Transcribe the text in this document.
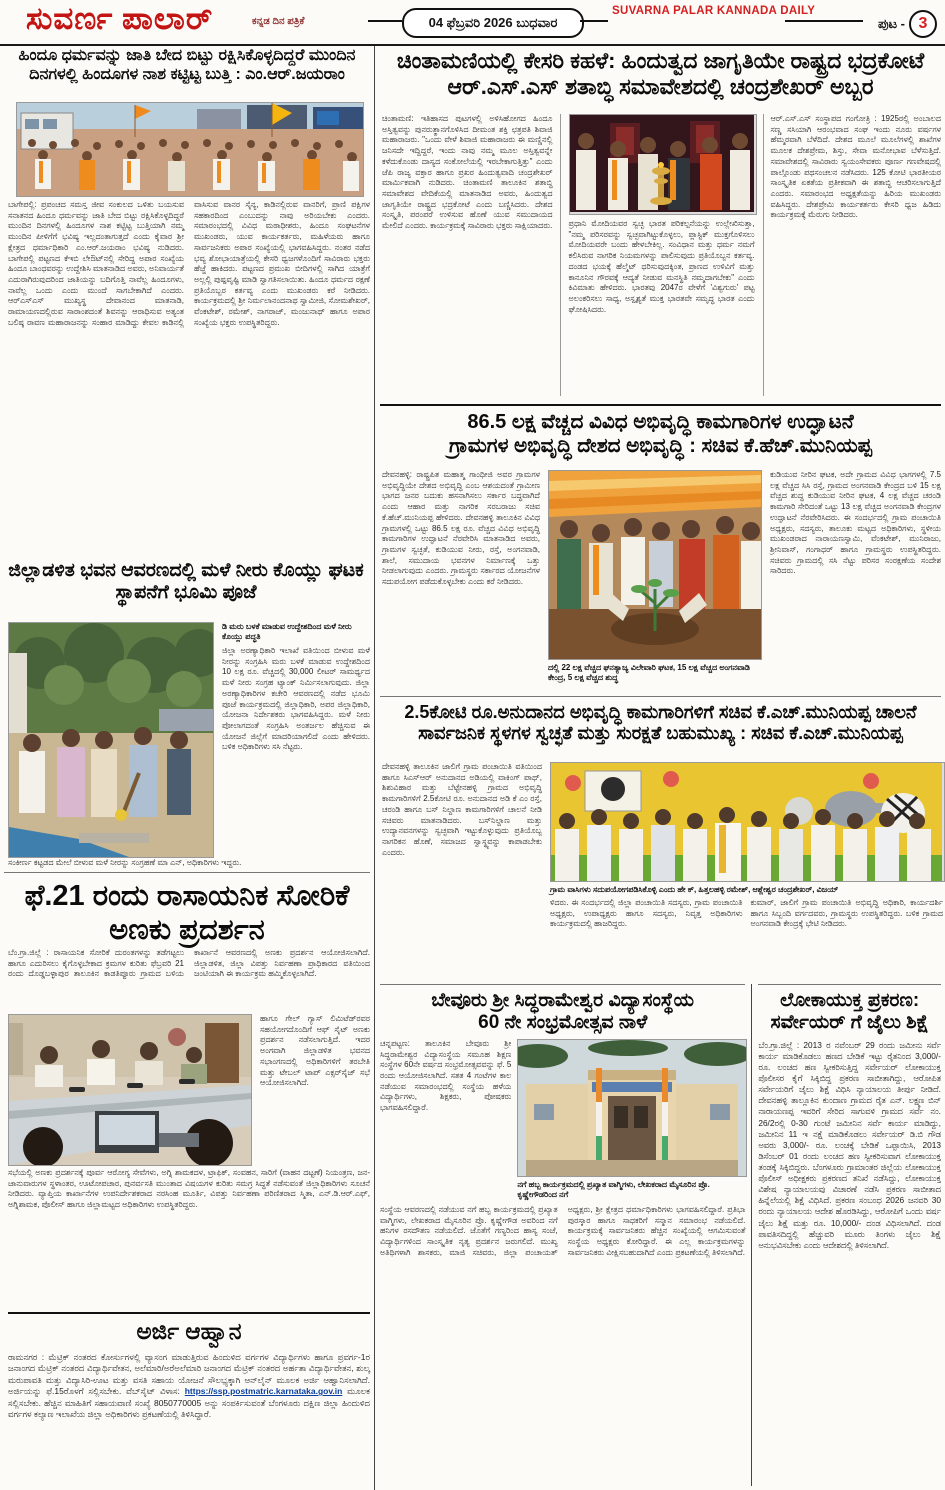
ಸುವರ್ಣ ಪಾಲಾರ್	ಕನ್ನಡ ದಿನ ಪತ್ರಿಕೆ	04 ಫೆಬ್ರವರಿ 2026 ಬುಧವಾರ
SUVARNA PALAR KANNADA DAILY
ಪುಟ - 3
ಹಿಂದೂ ಧರ್ಮವನ್ನು ಜಾತಿ ಬೇದ ಬಿಟ್ಟು ರಕ್ಷಿಸಿಕೊಳ್ಳದಿದ್ದರೆ ಮುಂದಿನ ದಿನಗಳಲ್ಲಿ ಹಿಂದೂಗಳ ನಾಶ ಕಟ್ಟಿಟ್ಟ ಬುತ್ತಿ : ಎಂ.ಆರ್.ಜಯರಾಂ
ಬಾಗೇಪಲ್ಲಿ: ಪ್ರಪಂಚದ ಸಮಸ್ತ ಜೀವ ಸಂಕುಲದ ಒಳಿತು ಬಯಸುವ ಸನಾತನದ ಹಿಂದೂ ಧರ್ಮವನ್ನು ಜಾತಿ ಬೇದ ಬಿಟ್ಟು ರಕ್ಷಿಸಿಕೊಳ್ಳದಿದ್ದರೆ ಮುಂದಿನ ದಿನಗಳಲ್ಲಿ ಹಿಂದೂಗಳ ನಾಶ ಕಟ್ಟಿಟ್ಟ ಬುತ್ತಿಯಾಗಿ ನಮ್ಮ ಮುಂದಿನ ಪೀಳಿಗೆಗೆ ಭವಿಷ್ಯ ಇಲ್ಲದಂತಾಗುತ್ತದೆ ಎಂದು ಕೈವಾರ ಶ್ರೀ ಕ್ಷೇತ್ರದ ಧರ್ಮಾಧಿಕಾರಿ ಎಂ.ಆರ್.ಜಯರಾಂ ಭವಿಷ್ಯ ನುಡಿದರು. ಬಾಗೇಪಲ್ಲಿ ಪಟ್ಟಣದ ಕೆಇಬಿ ಲೇಔಟ್‌ನಲ್ಲಿ ಸೇರಿದ್ದ ಅಪಾರ ಸಂಖ್ಯೆಯ ಹಿಂದೂ ಬಾಂಧವರನ್ನು ಉದ್ದೇಶಿಸಿ ಮಾತನಾಡಿದ ಅವರು, ಅನಿವಾರ್ಯತೆ ಎದುರಾಗಿರುವುದರಿಂದ ಜಾತಿಯನ್ನು ಬದಿಗೊತ್ತಿ ನಾವೆಲ್ಲ ಹಿಂದೂಗಳು, ನಾವೆಲ್ಲ ಒಂದು ಎಂದು ಮುಂದೆ ಸಾಗಬೇಕಾಗಿದೆ ಎಂದರು. ಆರ್‌ಎಸ್‌ಎಸ್ ಮುಖ್ಯಸ್ಥ ದೇವಾನಂದ ಮಾತನಾಡಿ, ರಾಮಾಯಣದಲ್ಲಿರುವ ಸಾರಾಂಶದಂತೆ ಶಿವನನ್ನು ಆರಾಧಿಸುವ ಅತ್ಯಂತ ಬಲಿಷ್ಠ ರಾವಣ ಮಹಾರಾಜನನ್ನು ಸಂಹಾರ ಮಾಡಿದ್ದು ಕೇವಲ ಕಾಡಿನಲ್ಲಿ ವಾಸಿಸುವ ವಾನರ ಸೈನ್ಯ, ಕಾಡಿನಲ್ಲಿರುವ ವಾನರಿಗೆ, ಪ್ರಾಣಿ ಪಕ್ಷಿಗಳ ಸಹಕಾರದಿಂದ ಎಂಬುದನ್ನು ನಾವು ಅರಿಯಬೇಕು ಎಂದರು. ಸಮಾರಂಭದಲ್ಲಿ ವಿವಿಧ ಮಠಾಧೀಶರು, ಹಿಂದೂ ಸಂಘಟನೆಗಳ ಮುಖಂಡರು, ಯುವ ಕಾರ್ಯಕರ್ತರು, ಮಹಿಳೆಯರು ಹಾಗೂ ಸಾರ್ವಜನಿಕರು ಅಪಾರ ಸಂಖ್ಯೆಯಲ್ಲಿ ಭಾಗವಹಿಸಿದ್ದರು. ನಂತರ ನಡೆದ ಭವ್ಯ ಶೋಭಾಯಾತ್ರೆಯಲ್ಲಿ ಕೇಸರಿ ಧ್ವಜಗಳೊಂದಿಗೆ ಸಾವಿರಾರು ಭಕ್ತರು ಹೆಜ್ಜೆ ಹಾಕಿದರು. ಪಟ್ಟಣದ ಪ್ರಮುಖ ಬೀದಿಗಳಲ್ಲಿ ಸಾಗಿದ ಯಾತ್ರೆಗೆ ಅಲ್ಲಲ್ಲಿ ಪುಷ್ಪವೃಷ್ಟಿ ಮಾಡಿ ಸ್ವಾಗತಿಸಲಾಯಿತು. ಹಿಂದೂ ಧರ್ಮದ ರಕ್ಷಣೆ ಪ್ರತಿಯೊಬ್ಬರ ಕರ್ತವ್ಯ ಎಂದು ಮುಖಂಡರು ಕರೆ ನೀಡಿದರು. ಕಾರ್ಯಕ್ರಮದಲ್ಲಿ ಶ್ರೀ ನಿರ್ಮಲಾನಂದನಾಥ ಸ್ವಾಮೀಜಿ, ಸೋಮಶೇಖರ್, ವೆಂಕಟೇಶ್, ರಮೇಶ್, ನಾಗರಾಜ್, ಮಂಜುನಾಥ್ ಹಾಗೂ ಅಪಾರ ಸಂಖ್ಯೆಯ ಭಕ್ತರು ಉಪಸ್ಥಿತರಿದ್ದರು.
ಜಿಲ್ಲಾಡಳಿತ ಭವನ ಆವರಣದಲ್ಲಿ ಮಳೆ ನೀರು ಕೊಯ್ಲು ಘಟಕ ಸ್ಥಾಪನೆಗೆ ಭೂಮಿ ಪೂಜೆ
ಡಿ ಮರು ಬಳಕೆ ಮಾಡುವ ಉದ್ದೇಶದಿಂದ ಮಳೆ ನೀರು ಕೊಯ್ಲು ಪದ್ಧತಿ
ಜಿಲ್ಲಾ ಅರಣ್ಯಾಧಿಕಾರಿ ಇಲಾಖೆ ವತಿಯಿಂದ ಬೀಳುವ ಮಳೆ ನೀರನ್ನು ಸಂಗ್ರಹಿಸಿ ಮರು ಬಳಕೆ ಮಾಡುವ ಉದ್ದೇಶದಿಂದ 10 ಲಕ್ಷ ರೂ. ವೆಚ್ಚದಲ್ಲಿ 30,000 ಲೀಟರ್ ಸಾಮರ್ಥ್ಯದ ಮಳೆ ನೀರು ಸಂಗ್ರಹ ಟ್ಯಾಂಕ್ ನಿರ್ಮಿಸಲಾಗುವುದು. ಜಿಲ್ಲಾ ಅರಣ್ಯಾಧಿಕಾರಿಗಳ ಕಚೇರಿ ಆವರಣದಲ್ಲಿ ನಡೆದ ಭೂಮಿ ಪೂಜೆ ಕಾರ್ಯಕ್ರಮದಲ್ಲಿ ಜಿಲ್ಲಾಧಿಕಾರಿ, ಅಪರ ಜಿಲ್ಲಾಧಿಕಾರಿ, ಯೋಜನಾ ನಿರ್ದೇಶಕರು ಭಾಗವಹಿಸಿದ್ದರು. ಮಳೆ ನೀರು ಪೋಲಾಗದಂತೆ ಸಂಗ್ರಹಿಸಿ ಅಂತರ್ಜಲ ಹೆಚ್ಚಿಸುವ ಈ ಯೋಜನೆ ಜಿಲ್ಲೆಗೆ ಮಾದರಿಯಾಗಲಿದೆ ಎಂದು ಹೇಳಿದರು. ಬಳಿಕ ಅಧಿಕಾರಿಗಳು ಸಸಿ ನೆಟ್ಟರು.
ಸಂಕೀರ್ಣ ಕಟ್ಟಡದ ಮೇಲೆ ಬೀಳುವ ಮಳೆ ನೀರನ್ನು ಸಂಗ್ರಹಣೆ ಮಾ ಎನ್, ಅಧಿಕಾರಿಗಳು ಇದ್ದರು.
ಫೆ.21 ರಂದು ರಾಸಾಯನಿಕ ಸೋರಿಕೆ ಅಣಕು ಪ್ರದರ್ಶನ
ಬೆಂ.ಗ್ರಾ.ಜಿಲ್ಲೆ : ರಾಸಾಯನಿಕ ಸೋರಿಕೆ ದುರಂತಗಳನ್ನು ತಡೆಗಟ್ಟಲು ಹಾಗೂ ಎದುರಿಸಲು ಕೈಗೊಳ್ಳಬೇಕಾದ ಕ್ರಮಗಳ ಕುರಿತು ಫೆಬ್ರವರಿ 21 ರಂದು ದೊಡ್ಡಬಳ್ಳಾಪುರ ತಾಲೂಕಿನ ಕಾಡತಿಪ್ಪೂರು ಗ್ರಾಮದ ಬಳಿಯ ಕಾರ್ಖಾನೆ ಆವರಣದಲ್ಲಿ ಅಣಕು ಪ್ರದರ್ಶನ ಆಯೋಜಿಸಲಾಗಿದೆ. ಜಿಲ್ಲಾಡಳಿತ, ಜಿಲ್ಲಾ ವಿಪತ್ತು ನಿರ್ವಹಣಾ ಪ್ರಾಧಿಕಾರದ ವತಿಯಿಂದ ಜಂಟಿಯಾಗಿ ಈ ಕಾರ್ಯಕ್ರಮ ಹಮ್ಮಿಕೊಳ್ಳಲಾಗಿದೆ.
ಹಾಗೂ ಗೇಲ್ ಗ್ಯಾಸ್ ಲಿಮಿಟೆಡ್‌ರವರ ಸಹಯೋಗದೊಂದಿಗೆ ಆಫ್ ಸೈಟ್ ಅಣಕು ಪ್ರದರ್ಶನ ನಡೆಸಲಾಗುತ್ತಿದೆ. ಇದರ ಅಂಗವಾಗಿ ಜಿಲ್ಲಾಡಳಿತ ಭವನದ ಸಭಾಂಗಣದಲ್ಲಿ ಅಧಿಕಾರಿಗಳಿಗೆ ತರಬೇತಿ ಮತ್ತು ಟೇಬಲ್ ಟಾಪ್ ಎಕ್ಸರ್‌ಸೈಜ್ ಸಭೆ ಆಯೋಜಿಸಲಾಗಿದೆ.
ಸಭೆಯಲ್ಲಿ ಅಣಕು ಪ್ರದರ್ಶನಕ್ಕೆ ಪೂರ್ವ ಆರೋಗ್ಯ ಸೇವೆಗಳು, ಅಗ್ನಿ ಶಾಮಕದಳ, ಟ್ರಾಫಿಕ್, ಸಂವಹನ, ಸಾರಿಗೆ (ವಾಹನ ದಟ್ಟಣೆ) ನಿಯಂತ್ರಣ, ಜನ-ಜಾನುವಾರುಗಳ ಸ್ಥಳಾಂತರ, ಊಟೋಪಚಾರ, ಪುನರ್ವಸತಿ ಮುಂತಾದ ವಿಷಯಗಳ ಕುರಿತು ಸಮಗ್ರ ಸಿದ್ಧತೆ ನಡೆಸುವಂತೆ ಜಿಲ್ಲಾಧಿಕಾರಿಗಳು ಸೂಚನೆ ನೀಡಿದರು. ವ್ಯಾಪ್ತಿಯ ಕಾರ್ಖಾನೆಗಳ ಉಪನಿರ್ದೇಶಕರಾದ ನರಸಿಂಹ ಮೂರ್ತಿ, ವಿಪತ್ತು ನಿರ್ವಹಣಾ ಪರಿಣಿತರಾದ ಸ್ಮಿತಾ, ಎನ್.ಡಿ.ಆರ್.ಎಫ್, ಅಗ್ನಿಶಾಮಕ, ಪೊಲೀಸ್ ಹಾಗೂ ಜಿಲ್ಲಾಮಟ್ಟದ ಅಧಿಕಾರಿಗಳು ಉಪಸ್ಥಿತರಿದ್ದರು.
ಅರ್ಜಿ ಆಹ್ವಾನ
ರಾಮನಗರ : ಮೆಟ್ರಿಕ್ ನಂತರದ ಕೋರ್ಸುಗಳಲ್ಲಿ ವ್ಯಾಸಂಗ ಮಾಡುತ್ತಿರುವ ಹಿಂದುಳಿದ ವರ್ಗಗಳ ವಿದ್ಯಾರ್ಥಿಗಳು ಹಾಗೂ ಪ್ರವರ್ಗ-1ರ ಜನಾಂಗದ ಮೆಟ್ರಿಕ್ ನಂತರದ ವಿದ್ಯಾರ್ಥಿವೇತನ, ಅಲೆಮಾರಿ/ಅರೆಅಲೆಮಾರಿ ಜನಾಂಗದ ಮೆಟ್ರಿಕ್ ನಂತರದ ಅರ್ಹತಾ ವಿದ್ಯಾರ್ಥಿವೇತನ, ಶುಲ್ಕ ಮರುಪಾವತಿ ಮತ್ತು ವಿದ್ಯಾಸಿರಿ-ಊಟ ಮತ್ತು ವಸತಿ ಸಹಾಯ ಯೋಜನೆ ಸೌಲಭ್ಯಕ್ಕಾಗಿ ಆನ್‌ಲೈನ್ ಮೂಲಕ ಅರ್ಜಿ ಆಹ್ವಾನಿಸಲಾಗಿದೆ. ಅರ್ಜಿಯನ್ನು ಫೆ.15ರೊಳಗೆ ಸಲ್ಲಿಸಬೇಕು. ವೆಬ್‌ಸೈಟ್ ವಿಳಾಸ: https://ssp.postmatric.karnataka.gov.in ಮೂಲಕ ಸಲ್ಲಿಸಬೇಕು. ಹೆಚ್ಚಿನ ಮಾಹಿತಿಗೆ ಸಹಾಯವಾಣಿ ಸಂಖ್ಯೆ 8050770005 ಅನ್ನು ಸಂಪರ್ಕಿಸುವಂತೆ ಬೆಂಗಳೂರು ದಕ್ಷಿಣ ಜಿಲ್ಲಾ ಹಿಂದುಳಿದ ವರ್ಗಗಳ ಕಲ್ಯಾಣ ಇಲಾಖೆಯ ಜಿಲ್ಲಾ ಅಧಿಕಾರಿಗಳು ಪ್ರಕಟಣೆಯಲ್ಲಿ ತಿಳಿಸಿದ್ದಾರೆ.
ಚಿಂತಾಮಣಿಯಲ್ಲಿ ಕೇಸರಿ ಕಹಳೆ: ಹಿಂದುತ್ವದ ಜಾಗೃತಿಯೇ ರಾಷ್ಟ್ರದ ಭದ್ರಕೋಟೆ ಆರ್.ಎಸ್.ಎಸ್ ಶತಾಬ್ಧಿ ಸಮಾವೇಶದಲ್ಲಿ ಚಂದ್ರಶೇಖರ್ ಅಬ್ಬರ
ಚಿಂತಾಮಣಿ: ಇತಿಹಾಸದ ಪುಟಗಳಲ್ಲಿ ಅಳಿಸಿಹೋಗದ ಹಿಂದೂ ಅಸ್ತಿತ್ವವನ್ನು ಪುನರುತ್ಥಾನಗೊಳಿಸಿದ ದೀಮಂತ ಶಕ್ತಿ ಛತ್ರಪತಿ ಶಿವಾಜಿ ಮಹಾರಾಜರು. "ಒಂದು ವೇಳೆ ಶಿವಾಜಿ ಮಹಾರಾಜರು ಈ ಮಣ್ಣಿನಲ್ಲಿ ಜನಿಸದೇ ಇದ್ದಿದ್ದರೆ, ಇಂದು ನಾವು ನಮ್ಮ ಮೂಲ ಅಸ್ತಿತ್ವವನ್ನೇ ಕಳೆದುಕೊಂಡು ದಾಸ್ಯದ ಸಂಕೋಲೆಯಲ್ಲಿ ಇರಬೇಕಾಗುತ್ತಿತ್ತು" ಎಂದು ಜೆಪಿ ರಾಜ್ಯ ವಕ್ತಾರ ಹಾಗೂ ಪ್ರಖರ ಹಿಂದುತ್ವವಾದಿ ಚಂದ್ರಶೇಖರ್ ಮಾರ್ಮಿಕವಾಗಿ ನುಡಿದರು. ಚಿಂತಾಮಣಿ ತಾಲೂಕಿನ ಶತಾಬ್ಧಿ ಸಮಾವೇಶದ ವೇದಿಕೆಯಲ್ಲಿ ಮಾತನಾಡಿದ ಅವರು, ಹಿಂದುತ್ವದ ಜಾಗೃತಿಯೇ ರಾಷ್ಟ್ರದ ಭದ್ರಕೋಟೆ ಎಂದು ಬಣ್ಣಿಸಿದರು. ದೇಶದ ಸಂಸ್ಕೃತಿ, ಪರಂಪರೆ ಉಳಿಸುವ ಹೊಣೆ ಯುವ ಸಮುದಾಯದ ಮೇಲಿದೆ ಎಂದರು. ಕಾರ್ಯಕ್ರಮಕ್ಕೆ ಸಾವಿರಾರು ಭಕ್ತರು ಸಾಕ್ಷಿಯಾದರು.	ಪ್ರಧಾನಿ ಮೋದಿಯವರ ಸ್ವಚ್ಛ ಭಾರತ ಪರಿಕಲ್ಪನೆಯನ್ನು ಉಲ್ಲೇಖಿಸುತ್ತಾ, "ನಮ್ಮ ಪರಿಸರವನ್ನು ಸ್ವಚ್ಛವಾಗಿಟ್ಟುಕೊಳ್ಳಲು, ಪ್ಲಾಸ್ಟಿಕ್ ಮುಕ್ತಗೊಳಿಸಲು ಮೋದಿಯವರೇ ಬಂದು ಹೇಳಬೇಕಿಲ್ಲ. ಸಂವಿಧಾನ ಮತ್ತು ಧರ್ಮ ನಮಗೆ ಕಲಿಸಿರುವ ನಾಗರಿಕ ನಿಯಮಗಳನ್ನು ಪಾಲಿಸುವುದು ಪ್ರತಿಯೊಬ್ಬನ ಕರ್ತವ್ಯ. ದಂಡದ ಭಯಕ್ಕೆ ಹೆಲ್ಮೆಟ್ ಧರಿಸುವುದಕ್ಕಿಂತ, ಪ್ರಾಣದ ಉಳಿವಿಗೆ ಮತ್ತು ಕಾನೂನಿನ ಗೌರವಕ್ಕೆ ಆದ್ಯತೆ ನೀಡುವ ಮನಸ್ಥಿತಿ ನಮ್ಮದಾಗಬೇಕು" ಎಂದು ಕಿವಿಮಾತು ಹೇಳಿದರು. ಭಾರತವು 2047ರ ವೇಳೆಗೆ 'ವಿಶ್ವಗುರು' ಪಟ್ಟ ಅಲಂಕರಿಸಲು ಸಾಧ್ಯ, ಅಸ್ಪೃಶ್ಯತೆ ಮುಕ್ತ ಭಾರತವೇ ಸಮೃದ್ಧ ಭಾರತ ಎಂದು ಘೋಷಿಸಿದರು.
ಆರ್.ಎಸ್.ಎಸ್ ಸಂಸ್ಥಾಪದ ಗಂಗೋತ್ರಿ : 1925ರಲ್ಲಿ ಅಂಬಾಲದ ಸಣ್ಣ ಸಸಿಯಾಗಿ ಆರಂಭವಾದ ಸಂಘ ಇಂದು ನೂರು ವರ್ಷಗಳ ಹೆಮ್ಮರವಾಗಿ ಬೆಳೆದಿದೆ. ದೇಶದ ಮೂಲೆ ಮೂಲೆಗಳಲ್ಲಿ ಶಾಖೆಗಳ ಮೂಲಕ ದೇಶಪ್ರೇಮ, ಶಿಸ್ತು, ಸೇವಾ ಮನೋಭಾವ ಬೆಳೆಸುತ್ತಿದೆ. ಸಮಾವೇಶದಲ್ಲಿ ಸಾವಿರಾರು ಸ್ವಯಂಸೇವಕರು ಪೂರ್ಣ ಗಣವೇಷದಲ್ಲಿ ಪಾಲ್ಗೊಂಡು ಪಥಸಂಚಲನ ನಡೆಸಿದರು. 125 ಕೋಟಿ ಭಾರತೀಯರ ಸಾಂಸ್ಕೃತಿಕ ಏಕತೆಯ ಪ್ರತೀಕವಾಗಿ ಈ ಶತಾಬ್ಧಿ ಆಚರಿಸಲಾಗುತ್ತಿದೆ ಎಂದರು. ಸಮಾರಂಭದ ಅಧ್ಯಕ್ಷತೆಯನ್ನು ಹಿರಿಯ ಮುಖಂಡರು ವಹಿಸಿದ್ದರು. ದೇಶಪ್ರೇಮಿ ಕಾರ್ಯಕರ್ತರು ಕೇಸರಿ ಧ್ವಜ ಹಿಡಿದು ಕಾರ್ಯಕ್ರಮಕ್ಕೆ ಮೆರುಗು ನೀಡಿದರು.
86.5 ಲಕ್ಷ ವೆಚ್ಚದ ವಿವಿಧ ಅಭಿವೃದ್ಧಿ ಕಾಮಗಾರಿಗಳ ಉದ್ಘಾಟನೆ
ಗ್ರಾಮಗಳ ಅಭಿವೃದ್ಧಿ ದೇಶದ ಅಭಿವೃದ್ಧಿ : ಸಚಿವ ಕೆ.ಹೆಚ್.ಮುನಿಯಪ್ಪ
ದೇವನಹಳ್ಳಿ: ರಾಷ್ಟ್ರಪಿತ ಮಹಾತ್ಮ ಗಾಂಧೀಜಿ ಅವರ ಗ್ರಾಮಗಳ ಅಭಿವೃದ್ಧಿಯೇ ದೇಶದ ಅಭಿವೃದ್ಧಿ ಎಂಬ ಆಶಯದಂತೆ ಗ್ರಾಮೀಣ ಭಾಗದ ಜನರ ಬದುಕು ಹಸನಾಗಿಸಲು ಸರ್ಕಾರ ಬದ್ಧವಾಗಿದೆ ಎಂದು ಆಹಾರ ಮತ್ತು ನಾಗರಿಕ ಸರಬರಾಜು ಸಚಿವ ಕೆ.ಹೆಚ್.ಮುನಿಯಪ್ಪ ಹೇಳಿದರು. ದೇವನಹಳ್ಳಿ ತಾಲೂಕಿನ ವಿವಿಧ ಗ್ರಾಮಗಳಲ್ಲಿ ಒಟ್ಟು 86.5 ಲಕ್ಷ ರೂ. ವೆಚ್ಚದ ವಿವಿಧ ಅಭಿವೃದ್ಧಿ ಕಾಮಗಾರಿಗಳ ಉದ್ಘಾಟನೆ ನೆರವೇರಿಸಿ ಮಾತನಾಡಿದ ಅವರು, ಗ್ರಾಮಗಳ ಸ್ವಚ್ಛತೆ, ಕುಡಿಯುವ ನೀರು, ರಸ್ತೆ, ಅಂಗನವಾಡಿ, ಶಾಲೆ, ಸಮುದಾಯ ಭವನಗಳ ನಿರ್ಮಾಣಕ್ಕೆ ಒತ್ತು ನೀಡಲಾಗುವುದು ಎಂದರು. ಗ್ರಾಮಸ್ಥರು ಸರ್ಕಾರದ ಯೋಜನೆಗಳ ಸದುಪಯೋಗ ಪಡೆದುಕೊಳ್ಳಬೇಕು ಎಂದು ಕರೆ ನೀಡಿದರು.
ದಲ್ಲಿ 22 ಲಕ್ಷ ವೆಚ್ಚದ ಘನತ್ಯಾಜ್ಯ ವಿಲೇವಾರಿ ಘಟಕ, 15 ಲಕ್ಷ ವೆಚ್ಚದ ಅಂಗನವಾಡಿ ಕೇಂದ್ರ, 5 ಲಕ್ಷ ವೆಚ್ಚದ ಶುದ್ಧ
ಕುಡಿಯುವ ನೀರಿನ ಘಟಕ, ಅದೇ ಗ್ರಾಮದ ವಿವಿಧ ಭಾಗಗಳಲ್ಲಿ 7.5 ಲಕ್ಷ ವೆಚ್ಚದ ಸಿಸಿ ರಸ್ತೆ, ಗ್ರಾಮದ ಅಂಗನವಾಡಿ ಕೇಂದ್ರದ ಬಳಿ 15 ಲಕ್ಷ ವೆಚ್ಚದ ಶುದ್ಧ ಕುಡಿಯುವ ನೀರಿನ ಘಟಕ, 4 ಲಕ್ಷ ವೆಚ್ಚದ ಚರಂಡಿ ಕಾಮಗಾರಿ ಸೇರಿದಂತೆ ಒಟ್ಟು 13 ಲಕ್ಷ ವೆಚ್ಚದ ಅಂಗನವಾಡಿ ಕೇಂದ್ರಗಳ ಉದ್ಘಾಟನೆ ನೆರವೇರಿಸಿದರು. ಈ ಸಂದರ್ಭದಲ್ಲಿ ಗ್ರಾಮ ಪಂಚಾಯಿತಿ ಅಧ್ಯಕ್ಷರು, ಸದಸ್ಯರು, ತಾಲೂಕು ಮಟ್ಟದ ಅಧಿಕಾರಿಗಳು, ಸ್ಥಳೀಯ ಮುಖಂಡರಾದ ನಾರಾಯಣಸ್ವಾಮಿ, ವೆಂಕಟೇಶ್, ಮುನಿರಾಜು, ಶ್ರೀನಿವಾಸ್, ಗಂಗಾಧರ್ ಹಾಗೂ ಗ್ರಾಮಸ್ಥರು ಉಪಸ್ಥಿತರಿದ್ದರು. ಸಚಿವರು ಗ್ರಾಮದಲ್ಲಿ ಸಸಿ ನೆಟ್ಟು ಪರಿಸರ ಸಂರಕ್ಷಣೆಯ ಸಂದೇಶ ಸಾರಿದರು.
2.5ಕೋಟಿ ರೂ.ಅನುದಾನದ ಅಭಿವೃದ್ಧಿ ಕಾಮಗಾರಿಗಳಿಗೆ ಸಚಿವ ಕೆ.ಎಚ್.ಮುನಿಯಪ್ಪ ಚಾಲನೆ
ಸಾರ್ವಜನಿಕ ಸ್ಥಳಗಳ ಸ್ವಚ್ಛತೆ ಮತ್ತು ಸುರಕ್ಷತೆ ಬಹುಮುಖ್ಯ : ಸಚಿವ ಕೆ.ಎಚ್.ಮುನಿಯಪ್ಪ
ದೇವನಹಳ್ಳಿ ತಾಲೂಕಿನ ಜಾಲಿಗೆ ಗ್ರಾಮ ಪಂಚಾಯಿತಿ ವತಿಯಿಂದ ಹಾಗೂ ಸಿಎಸ್ಆರ್ ಅನುದಾನದ ಅಡಿಯಲ್ಲಿ ವಾಕಿಂಗ್ ಪಾಥ್, ಶಿಶುವಿಹಾರ ಮತ್ತು ಬೆಟ್ಟೇನಹಳ್ಳಿ ಗ್ರಾಮದ ಅಭಿವೃದ್ಧಿ ಕಾಮಗಾರಿಗಳಿಗೆ 2.5ಕೋಟಿ ರೂ. ಅನುದಾನದ ಅಡಿ ಕೆ ಎಂ ರಸ್ತೆ, ಚರಂಡಿ ಹಾಗೂ ಬಸ್ ನಿಲ್ದಾಣ ಕಾಮಗಾರಿಗಳಿಗೆ ಚಾಲನೆ ನೀಡಿ ಸಚಿವರು ಮಾತನಾಡಿದರು. ಬಸ್‌ನಿಲ್ದಾಣ ಮತ್ತು ಉದ್ಯಾನವನಗಳನ್ನು ಸ್ವಚ್ಛವಾಗಿ ಇಟ್ಟುಕೊಳ್ಳುವುದು ಪ್ರತಿಯೊಬ್ಬ ನಾಗರಿಕನ ಹೊಣೆ, ಸಮಾಜದ ಸ್ವಾಸ್ಥ್ಯವನ್ನು ಕಾಪಾಡಬೇಕು ಎಂದರು.
ಗ್ರಾಮ ವಾಸಿಗಳು ಸದುಪಯೋಗಪಡಿಸಿಕೊಳ್ಳಿ ಎಂದು ಹೇ ಕ್, ಹಿತ್ತಲಹಳ್ಳಿ ರಮೇಶ್, ಆಶ್ಲೇಶ್ವರ ಚಂದ್ರಶೇಖರ್, ವಿಜಯ್
ಳಿದರು. ಈ ಸಂದರ್ಭದಲ್ಲಿ ಜಿಲ್ಲಾ ಪಂಚಾಯಿತಿ ಸದಸ್ಯರು, ಗ್ರಾಮ ಪಂಚಾಯಿತಿ ಅಧ್ಯಕ್ಷರು, ಉಪಾಧ್ಯಕ್ಷರು ಹಾಗೂ ಸದಸ್ಯರು, ನಿವೃತ್ತ ಅಧಿಕಾರಿಗಳು ಕಾರ್ಯಕ್ರಮದಲ್ಲಿ ಹಾಜರಿದ್ದರು.
ಕುಮಾರ್, ಜಾಲಿಗೆ ಗ್ರಾಮ ಪಂಚಾಯಿತಿ ಅಭಿವೃದ್ಧಿ ಅಧಿಕಾರಿ, ಕಾರ್ಯದರ್ಶಿ ಹಾಗೂ ಸಿಬ್ಬಂದಿ ವರ್ಗದವರು, ಗ್ರಾಮಸ್ಥರು ಉಪಸ್ಥಿತರಿದ್ದರು. ಬಳಿಕ ಗ್ರಾಮದ ಅಂಗನವಾಡಿ ಕೇಂದ್ರಕ್ಕೆ ಭೇಟಿ ನೀಡಿದರು.
ಬೇವೂರು ಶ್ರೀ ಸಿದ್ಧರಾಮೇಶ್ವರ ವಿದ್ಯಾಸಂಸ್ಥೆಯ
60 ನೇ ಸಂಭ್ರಮೋತ್ಸವ ನಾಳೆ
ಚನ್ನಪಟ್ಟಣ: ತಾಲೂಕಿನ ಬೇವೂರು ಶ್ರೀ ಸಿದ್ಧರಾಮೇಶ್ವರ ವಿದ್ಯಾಸಂಸ್ಥೆಯ ಸಮೂಹ ಶಿಕ್ಷಣ ಸಂಸ್ಥೆಗಳ 60ನೇ ವರ್ಷದ ಸಂಭ್ರಮೋತ್ಸವವನ್ನು ಫೆ. 5 ರಂದು ಆಯೋಜಿಸಲಾಗಿದೆ. ಸತತ 4 ಗಂಟೆಗಳ ಕಾಲ ನಡೆಯುವ ಸಮಾರಂಭದಲ್ಲಿ ಸಂಸ್ಥೆಯ ಹಳೆಯ ವಿದ್ಯಾರ್ಥಿಗಳು, ಶಿಕ್ಷಕರು, ಪೋಷಕರು ಭಾಗವಹಿಸಲಿದ್ದಾರೆ.
ನಗೆ ಹಬ್ಬ ಕಾರ್ಯಕ್ರಮದಲ್ಲಿ ಪ್ರಖ್ಯಾತ ವಾಗ್ಮಿಗಳು, ಲೇಖಕರಾದ ಮೈಸೂರಿನ ಪ್ರೊ. ಕೃಷ್ಣೇಗೌಡರಿಂದ ನಗೆ
ಸಂಸ್ಥೆಯ ಆವರಣದಲ್ಲಿ ನಡೆಯುವ ನಗೆ ಹಬ್ಬ ಕಾರ್ಯಕ್ರಮದಲ್ಲಿ ಪ್ರಖ್ಯಾತ ವಾಗ್ಮಿಗಳು, ಲೇಖಕರಾದ ಮೈಸೂರಿನ ಪ್ರೊ. ಕೃಷ್ಣೇಗೌಡ ಅವರಿಂದ ನಗೆ ಹನಿಗಳ ರಸದೌತಣ ನಡೆಯಲಿದೆ. ಜೊತೆಗೆ ಗಣ್ಯರಿಂದ ಹಾಸ್ಯ ಸಂಜೆ, ವಿದ್ಯಾರ್ಥಿಗಳಿಂದ ಸಾಂಸ್ಕೃತಿಕ ನೃತ್ಯ ಪ್ರದರ್ಶನ ಜರುಗಲಿದೆ. ಮುಖ್ಯ ಅತಿಥಿಗಳಾಗಿ ಶಾಸಕರು, ಮಾಜಿ ಸಚಿವರು, ಜಿಲ್ಲಾ ಪಂಚಾಯತ್ ಅಧ್ಯಕ್ಷರು, ಶ್ರೀ ಕ್ಷೇತ್ರದ ಧರ್ಮಾಧಿಕಾರಿಗಳು ಭಾಗವಹಿಸಲಿದ್ದಾರೆ. ಪ್ರತಿಭಾ ಪುರಸ್ಕಾರ ಹಾಗೂ ಸಾಧಕರಿಗೆ ಸನ್ಮಾನ ಸಮಾರಂಭ ನಡೆಯಲಿದೆ. ಕಾರ್ಯಕ್ರಮಕ್ಕೆ ಸಾರ್ವಜನಿಕರು ಹೆಚ್ಚಿನ ಸಂಖ್ಯೆಯಲ್ಲಿ ಆಗಮಿಸುವಂತೆ ಸಂಸ್ಥೆಯ ಅಧ್ಯಕ್ಷರು ಕೋರಿದ್ದಾರೆ. ಈ ಎಲ್ಲ ಕಾರ್ಯಕ್ರಮಗಳನ್ನು ಸಾರ್ವಜನಿಕರು ವೀಕ್ಷಿಸಬಹುದಾಗಿದೆ ಎಂದು ಪ್ರಕಟಣೆಯಲ್ಲಿ ತಿಳಿಸಲಾಗಿದೆ.
ಲೋಕಾಯುಕ್ತ ಪ್ರಕರಣ:
ಸರ್ವೇಯರ್ ಗೆ ಜೈಲು ಶಿಕ್ಷೆ
ಬೆಂ.ಗ್ರಾ.ಜಿಲ್ಲೆ : 2013 ರ ನವೆಂಬರ್ 29 ರಂದು ಜಮೀನು ಸರ್ವೆ ಕಾರ್ಯ ಮಾಡಿಕೊಡಲು ಹಣದ ಬೇಡಿಕೆ ಇಟ್ಟು ರೈತನಿಂದ 3,000/- ರೂ. ಲಂಚದ ಹಣ ಸ್ವೀಕರಿಸುತ್ತಿದ್ದ ಸರ್ವೇಯರ್ ಲೋಕಾಯುಕ್ತ ಪೊಲೀಸರ ಕೈಗೆ ಸಿಕ್ಕಿಬಿದ್ದ ಪ್ರಕರಣ ಸಾಬೀತಾಗಿದ್ದು, ಆರೋಪಿತ ಸರ್ವೇಯರಿಗೆ ಜೈಲು ಶಿಕ್ಷೆ ವಿಧಿಸಿ ನ್ಯಾಯಾಲಯ ತೀರ್ಪು ನೀಡಿದೆ. ದೇವನಹಳ್ಳಿ ತಾಲ್ಲೂಕಿನ ಕುಂದಾಣ ಗ್ರಾಮದ ರೈತ ಎನ್. ಲಕ್ಷ್ಮಣ ಬಿನ್ ನಾರಾಯಣಪ್ಪ ಇವರಿಗೆ ಸೇರಿದ ಸಾಗುವಳಿ ಗ್ರಾಮದ ಸರ್ವೆ ನಂ. 26/2ರಲ್ಲಿ 0-30 ಗುಂಟೆ ಜಮೀನಿನ ಸರ್ವೆ ಕಾರ್ಯ ಮಾಡಿದ್ದು, ಜಮೀನಿನ 11 ಇ ನಕ್ಷೆ ಮಾಡಿಕೊಡಲು ಸರ್ವೇಯರ್ ಡಿ.ಬಿ ಗೌಡ ಅವರು 3,000/- ರೂ. ಲಂಚಕ್ಕೆ ಬೇಡಿಕೆ ಒಪ್ಪಾಯಿಸಿ, 2013 ಡಿಸೆಂಬರ್ 01 ರಂದು ಲಂಚದ ಹಣ ಸ್ವೀಕರಿಸುವಾಗ ಲೋಕಾಯುಕ್ತ ತಂಡಕ್ಕೆ ಸಿಕ್ಕಿಬಿದ್ದರು. ಬೆಂಗಳೂರು ಗ್ರಾಮಾಂತರ ಜಿಲ್ಲೆಯ ಲೋಕಾಯುಕ್ತ ಪೊಲೀಸ್ ಅಧೀಕ್ಷಕರು ಪ್ರಕರಣದ ತನಿಖೆ ನಡೆಸಿದ್ದು, ಲೋಕಾಯುಕ್ತ ವಿಶೇಷ ನ್ಯಾಯಾಲಯವು ವಿಚಾರಣೆ ನಡೆಸಿ ಪ್ರಕರಣ ಸಾಬೀತಾದ ಹಿನ್ನೆಲೆಯಲ್ಲಿ ಶಿಕ್ಷೆ ವಿಧಿಸಿದೆ. ಪ್ರಕರಣ ಸಂಬಂಧ 2026 ಜನವರಿ 30 ರಂದು ನ್ಯಾಯಾಲಯ ಆದೇಶ ಹೊರಡಿಸಿದ್ದು, ಆರೋಪಿಗೆ ಒಂದು ವರ್ಷ ಜೈಲು ಶಿಕ್ಷೆ ಮತ್ತು ರೂ. 10,000/- ದಂಡ ವಿಧಿಸಲಾಗಿದೆ. ದಂಡ ಪಾವತಿಸದಿದ್ದಲ್ಲಿ ಹೆಚ್ಚುವರಿ ಮೂರು ತಿಂಗಳು ಜೈಲು ಶಿಕ್ಷೆ ಅನುಭವಿಸಬೇಕು ಎಂದು ಆದೇಶದಲ್ಲಿ ತಿಳಿಸಲಾಗಿದೆ.
